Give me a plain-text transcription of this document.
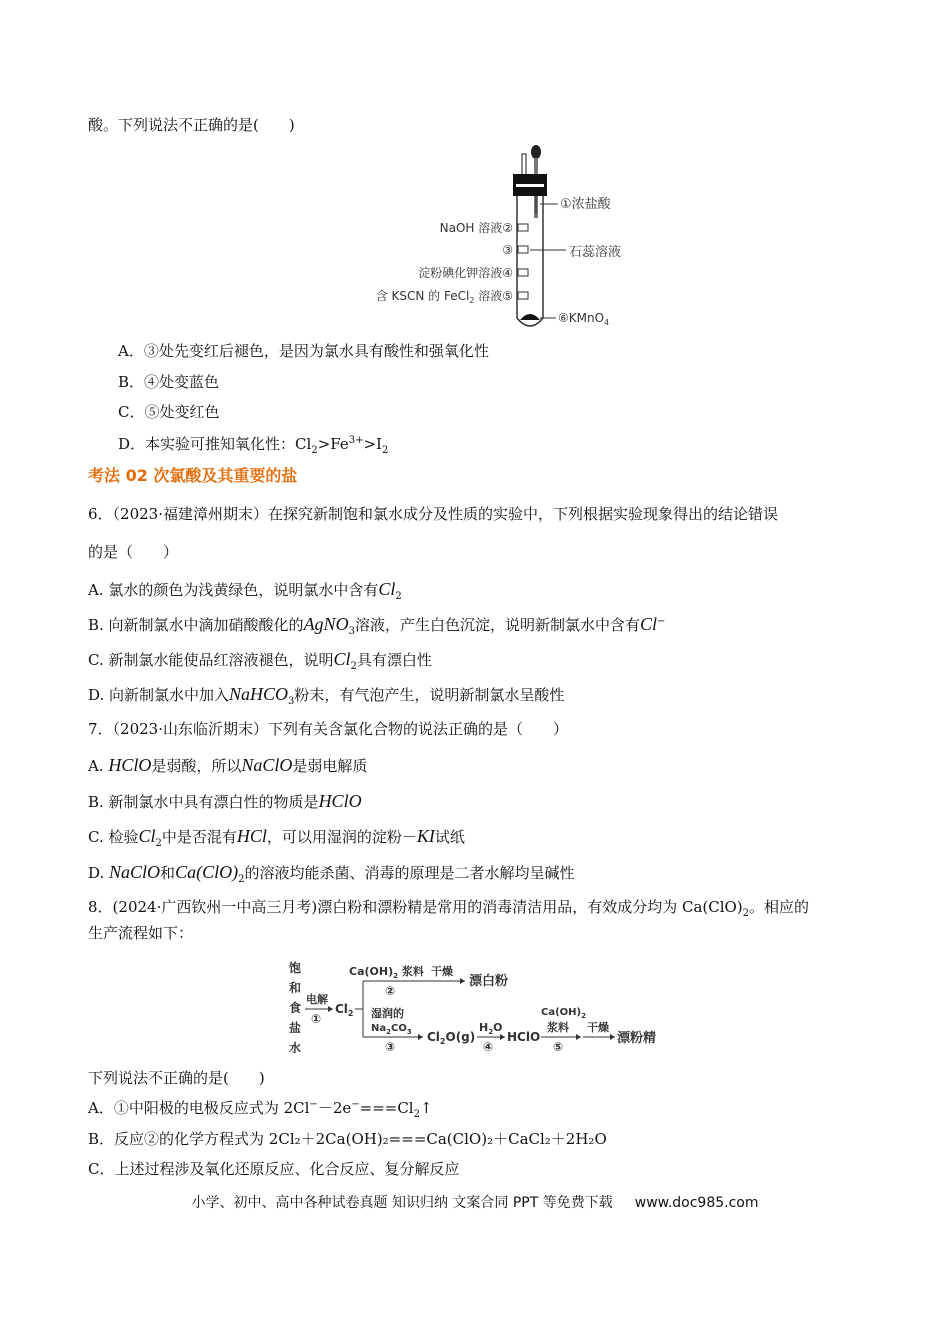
酸。下列说法不正确的是(　　)
①浓盐酸
NaOH 溶液②
③	石蕊溶液
淀粉碘化钾溶液④
含 KSCN 的 FeCl$_2$ 溶液⑤
⑥KMnO$_4$
A．③处先变红后褪色，是因为氯水具有酸性和强氧化性
B．④处变蓝色
C．⑤处变红色
D．本实验可推知氧化性：$Cl_2>Fe^{3+}>I_2$
考法 02 次氯酸及其重要的盐
6．（2023·福建漳州期末）在探究新制饱和氯水成分及性质的实验中，下列根据实验现象得出的结论错误
的是（　　）
A. 氯水的颜色为浅黄绿色，说明氯水中含有$Cl_2$
B. 向新制氯水中滴加硝酸酸化的AgNO$_3$溶液，产生白色沉淀，说明新制氯水中含有Cl−
C. 新制氯水能使品红溶液褪色，说明$Cl_2$具有漂白性
D. 向新制氯水中加入NaHCO$_3$粉末，有气泡产生，说明新制氯水呈酸性
7．（2023·山东临沂期末）下列有关含氯化合物的说法正确的是（　　）
A. HClO是弱酸，所以NaClO是弱电解质
B. 新制氯水中具有漂白性的物质是HClO
C. 检验$Cl_2$中是否混有HCl，可以用湿润的淀粉－KI试纸
D. NaClO和$Ca(ClO)_2$的溶液均能杀菌、消毒的原理是二者水解均呈碱性
8．(2024·广西钦州一中高三月考)漂白粉和漂粉精是常用的消毒清洁用品，有效成分均为 $Ca(ClO)_2$。相应的
生产流程如下：
饱
和
食
盐
水
电解
①
$Cl_2$
$Ca(OH)_2$ 浆料
②
干燥
漂白粉
湿润的
$Na_2CO_3$
③
$Cl_2O(g)$
$H_2O$
④
HClO
$Ca(OH)_2$
浆料
⑤
干燥
漂粉精
下列说法不正确的是(　　)
A．①中阳极的电极反应式为 $2Cl^--2e^-===Cl_2↑$
B．反应②的化学方程式为 2Cl₂＋2Ca(OH)₂===Ca(ClO)₂＋CaCl₂＋2H₂O
C．上述过程涉及氧化还原反应、化合反应、复分解反应
小学、初中、高中各种试卷真题 知识归纳 文案合同 PPT 等免费下载 www.doc985.com
